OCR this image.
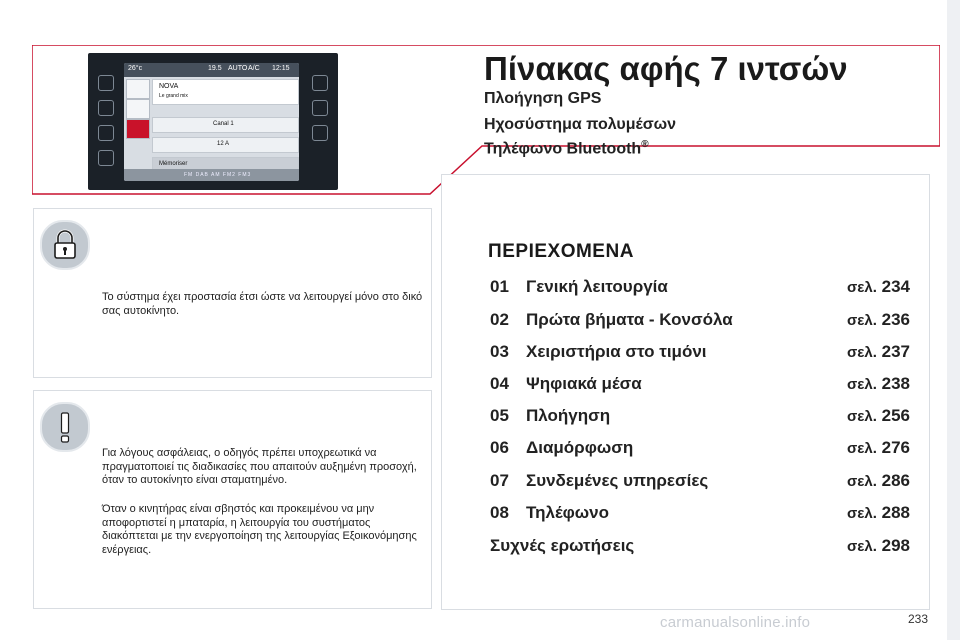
26°c	19.5 AUTO A/C 12:15
NOVA
Le grand mix
Canal 1
12 A
Mémoriser
FM DAB AM FM2 FM3
Πίνακας αφής 7 ιντσών
Πλοήγηση GPS
Ηχοσύστημα πολυμέσων
Τηλέφωνο Bluetooth®
Το σύστημα έχει προστασία έτσι ώστε να λειτουργεί μόνο στο δικό σας αυτοκίνητο.
Για λόγους ασφάλειας, ο οδηγός πρέπει υποχρεωτικά να πραγματοποιεί τις διαδικασίες που απαιτούν αυξημένη προσοχή, όταν το αυτοκίνητο είναι σταματημένο.
Όταν ο κινητήρας είναι σβηστός και προκειμένου να μην αποφορτιστεί η μπαταρία, η λειτουργία του συστήματος διακόπτεται με την ενεργοποίηση της λειτουργίας Εξοικονόμησης ενέργειας.
ΠΕΡΙΕΧΟΜΕΝΑ
01 Γενική λειτουργία	σελ. 234
02 Πρώτα βήματα - Κονσόλα	σελ. 236
03 Χειριστήρια στο τιμόνι	σελ. 237
04 Ψηφιακά μέσα	σελ. 238
05 Πλοήγηση	σελ. 256
06 Διαμόρφωση	σελ. 276
07 Συνδεμένες υπηρεσίες	σελ. 286
08 Τηλέφωνο	σελ. 288
Συχνές ερωτήσεις	σελ. 298
carmanualsonline.info	233
